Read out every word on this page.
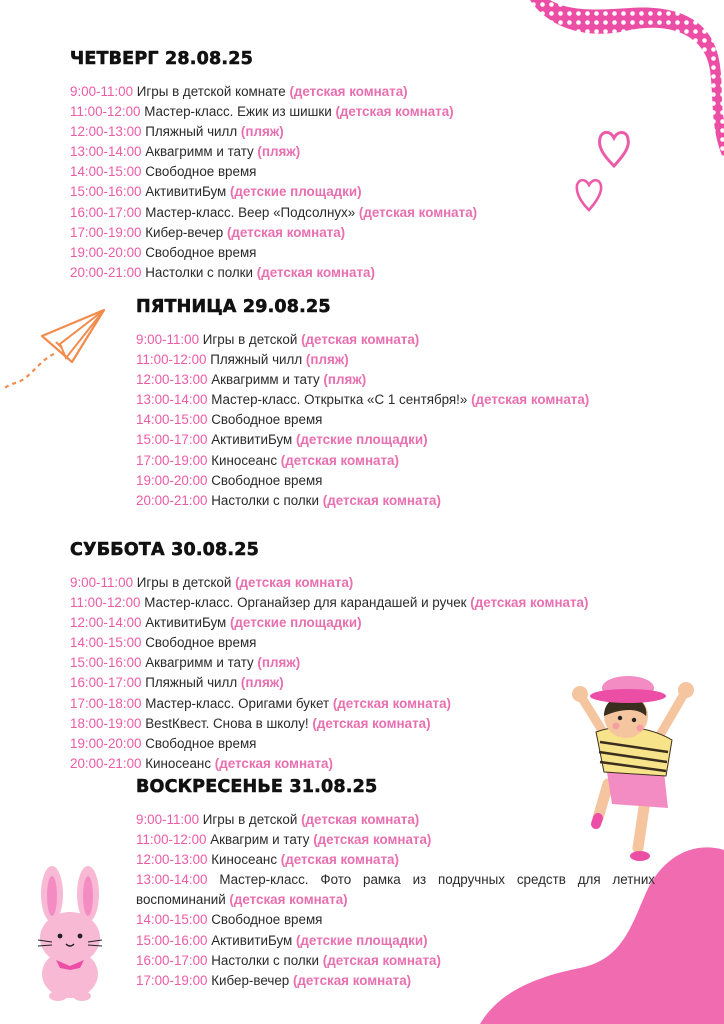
ЧЕТВЕРГ 28.08.25
9:00-11:00 Игры в детской комнате (детская комната)
11:00-12:00 Мастер-класс. Ежик из шишки (детская комната)
12:00-13:00 Пляжный чилл (пляж)
13:00-14:00 Аквагримм и тату (пляж)
14:00-15:00 Свободное время
15:00-16:00 АктивитиБум (детские площадки)
16:00-17:00 Мастер-класс. Веер «Подсолнух» (детская комната)
17:00-19:00 Кибер-вечер (детская комната)
19:00-20:00 Свободное время
20:00-21:00 Настолки с полки (детская комната)
ПЯТНИЦА 29.08.25
9:00-11:00 Игры в детской (детская комната)
11:00-12:00 Пляжный чилл (пляж)
12:00-13:00 Аквагримм и тату (пляж)
13:00-14:00 Мастер-класс. Открытка «С 1 сентября!» (детская комната)
14:00-15:00 Свободное время
15:00-17:00 АктивитиБум (детские площадки)
17:00-19:00 Киносеанс (детская комната)
19:00-20:00 Свободное время
20:00-21:00 Настолки с полки (детская комната)
СУББОТА 30.08.25
9:00-11:00 Игры в детской (детская комната)
11:00-12:00 Мастер-класс. Органайзер для карандашей и ручек (детская комната)
12:00-14:00 АктивитиБум (детские площадки)
14:00-15:00 Свободное время
15:00-16:00 Аквагримм и тату (пляж)
16:00-17:00 Пляжный чилл (пляж)
17:00-18:00 Мастер-класс. Оригами букет (детская комната)
18:00-19:00 BestКвест. Снова в школу! (детская комната)
19:00-20:00 Свободное время
20:00-21:00 Киносеанс (детская комната)
ВОСКРЕСЕНЬЕ 31.08.25
9:00-11:00 Игры в детской (детская комната)
11:00-12:00 Аквагрим и тату (детская комната)
12:00-13:00 Киносеанс (детская комната)
13:00-14:00 Мастер-класс. Фото рамка из подручных средств для летних воспоминаний (детская комната)
14:00-15:00 Свободное время
15:00-16:00 АктивитиБум (детские площадки)
16:00-17:00 Настолки с полки (детская комната)
17:00-19:00 Кибер-вечер (детская комната)
